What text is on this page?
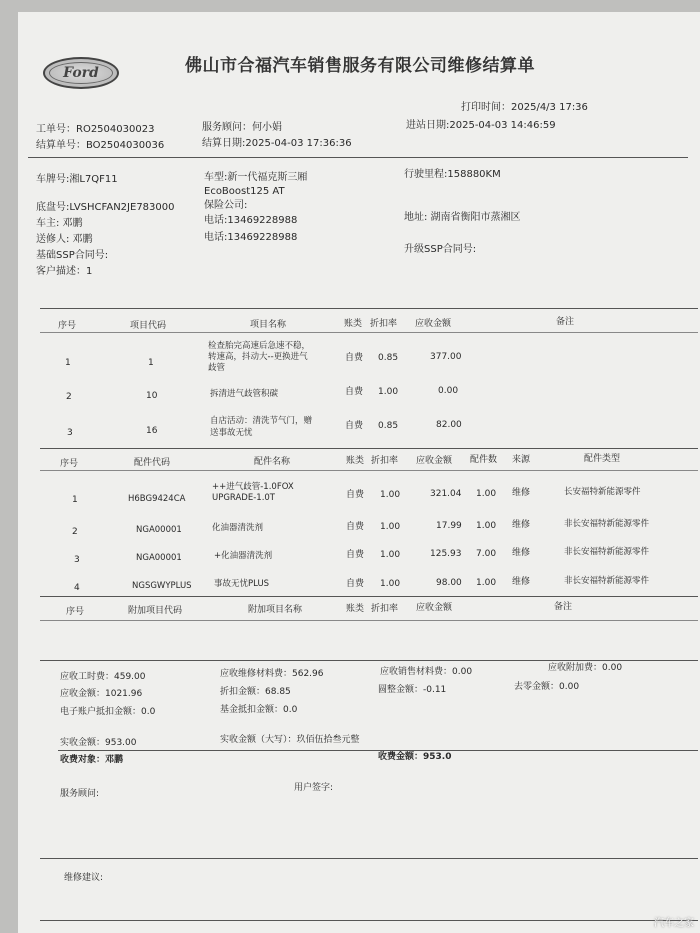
Ford	佛山市合福汽车销售服务有限公司维修结算单
打印时间：2025/4/3 17:36
工单号：RO2504030023	服务顾问：何小娟	进站日期:2025-04-03 14:46:59
结算单号：BO2504030036	结算日期:2025-04-03 17:36:36
车牌号:湘L7QF11	车型:新一代福克斯三厢	行驶里程:158880KM
EcoBoost125 AT
保险公司:
底盘号:LVSHCFAN2JE783000
车主: 邓鹏	电话:13469228988	地址: 湖南省衡阳市蒸湘区
送修人: 邓鹏	电话:13469228988
基础SSP合同号:
升级SSP合同号:
客户描述：1
序号	项目代码	项目名称	账类 折扣率 应收金额	备注
1	1
检查胎完高速后急速不稳，
转速高，抖动大--更换进气
歧管
自费 0.85	377.00
2	10	拆清进气歧管积碳	自费 1.00	0.00
3	16
自店活动：清洗节气门，赠
送事故无忧
自费 0.85	82.00
序号	配件代码	配件名称	账类 折扣率 应收金额 配件数 来源	配件类型
1	H6BG9424CA
++进气歧管-1.0FOX
UPGRADE-1.0T	自费 1.00	321.04 1.00 维修	长安福特新能源零件
2	NGA00001	化油器清洗剂	自费 1.00	17.99 1.00 维修	非长安福特新能源零件
3	NGA00001	+化油器清洗剂	自费 1.00	125.93 7.00 维修	非长安福特新能源零件
4	NGSGWYPLUS	事故无忧PLUS	自费 1.00	98.00 1.00 维修	非长安福特新能源零件
序号	附加项目代码	附加项目名称	账类 折扣率 应收金额	备注
应收工时费：459.00	应收维修材料费：562.96	应收销售材料费：0.00	应收附加费：0.00
应收金额：1021.96	折扣金额：68.85	圆整金额：-0.11	去零金额：0.00
电子账户抵扣金额：0.0	基金抵扣金额：0.0
实收金额：953.00	实收金额（大写）：玖佰伍拾叁元整
收费对象：邓鹏	收费金额：953.0
服务顾问:
用户签字:
维修建议:
汽车之家
